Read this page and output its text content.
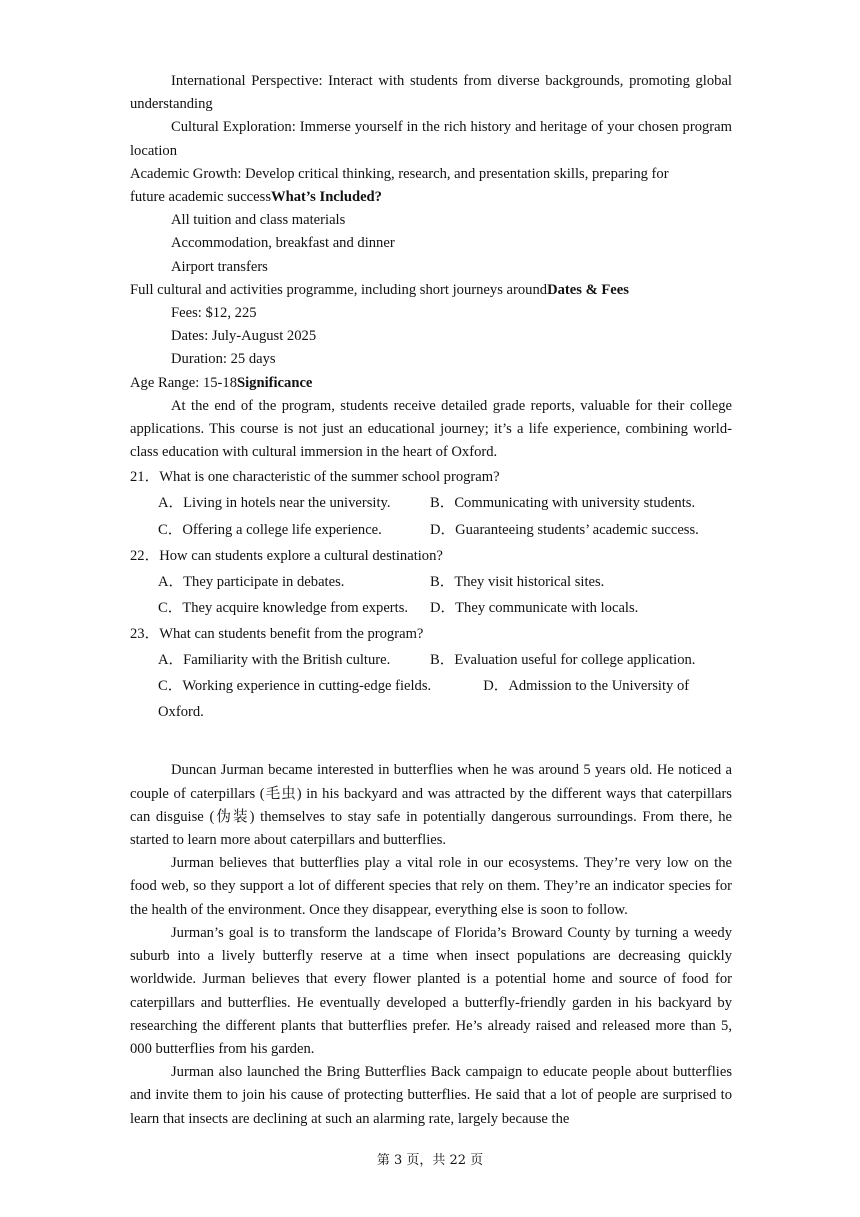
International Perspective: Interact with students from diverse backgrounds, promoting global understanding

Cultural Exploration: Immerse yourself in the rich history and heritage of your chosen program location

Academic Growth: Develop critical thinking, research, and presentation skills, preparing for

future academic successWhat’s Included?

All tuition and class materials

Accommodation, breakfast and dinner

Airport transfers

Full cultural and activities programme, including short journeys aroundDates & Fees

Fees: $12, 225

Dates: July-August 2025

Duration: 25 days

Age Range: 15-18Significance

At the end of the program, students receive detailed grade reports, valuable for their college applications. This course is not just an educational journey; it’s a life experience, combining world-class education with cultural immersion in the heart of Oxford.

21．What is one characteristic of the summer school program?

A．Living in hotels near the university.	B．Communicating with university students.
C．Offering a college life experience.	D．Guaranteeing students’ academic success.

22．How can students explore a cultural destination?

A．They participate in debates.	B．They visit historical sites.
C．They acquire knowledge from experts.	D．They communicate with locals.

23．What can students benefit from the program?

A．Familiarity with the British culture.	B．Evaluation useful for college application.
C．Working experience in cutting-edge fields.	D．Admission to the University of Oxford.

Duncan Jurman became interested in butterflies when he was around 5 years old. He noticed a couple of caterpillars (毛虫) in his backyard and was attracted by the different ways that caterpillars can disguise (伪装) themselves to stay safe in potentially dangerous surroundings. From there, he started to learn more about caterpillars and butterflies.

Jurman believes that butterflies play a vital role in our ecosystems. They’re very low on the food web, so they support a lot of different species that rely on them. They’re an indicator species for the health of the environment. Once they disappear, everything else is soon to follow.

Jurman’s goal is to transform the landscape of Florida’s Broward County by turning a weedy suburb into a lively butterfly reserve at a time when insect populations are decreasing quickly worldwide. Jurman believes that every flower planted is a potential home and source of food for caterpillars and butterflies. He eventually developed a butterfly-friendly garden in his backyard by researching the different plants that butterflies prefer. He’s already raised and released more than 5, 000 butterflies from his garden.

Jurman also launched the Bring Butterflies Back campaign to educate people about butterflies and invite them to join his cause of protecting butterflies. He said that a lot of people are surprised to learn that insects are declining at such an alarming rate, largely because the

第 3 页，共 22 页
